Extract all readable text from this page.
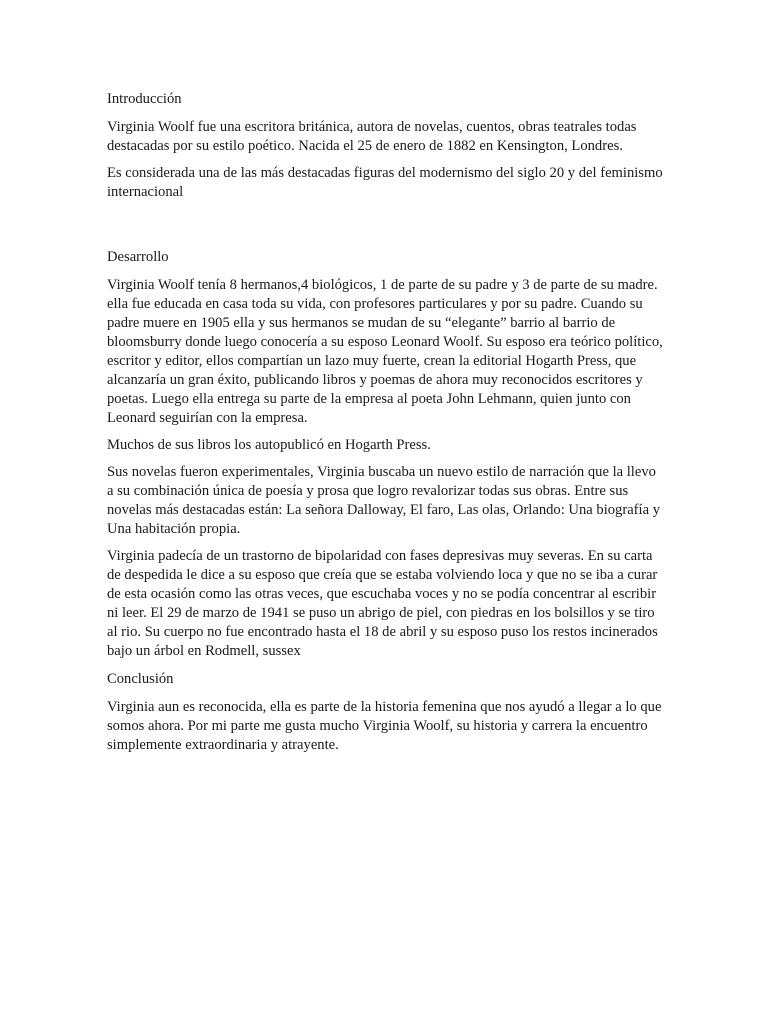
Introducción

Virginia Woolf fue una escritora británica, autora de novelas, cuentos, obras teatrales todas destacadas por su estilo poético. Nacida el 25 de enero de 1882 en Kensington, Londres.

Es considerada una de las más destacadas figuras del modernismo del siglo 20 y del feminismo internacional

Desarrollo

Virginia Woolf tenía 8 hermanos,4 biológicos, 1 de parte de su padre y 3 de parte de su madre. ella fue educada en casa toda su vida, con profesores particulares y por su padre. Cuando su padre muere en 1905 ella y sus hermanos se mudan de su “elegante” barrio al barrio de bloomsburry donde luego conocería a su esposo Leonard Woolf. Su esposo era teórico político, escritor y editor, ellos compartían un lazo muy fuerte, crean la editorial Hogarth Press, que alcanzaría un gran éxito, publicando libros y poemas de ahora muy reconocidos escritores y poetas. Luego ella entrega su parte de la empresa al poeta John Lehmann, quien junto con Leonard seguirían con la empresa.

Muchos de sus libros los autopublicó en Hogarth Press.

Sus novelas fueron experimentales, Virginia buscaba un nuevo estilo de narración que la llevo a su combinación única de poesía y prosa que logro revalorizar todas sus obras. Entre sus novelas más destacadas están: La señora Dalloway, El faro, Las olas, Orlando: Una biografía y Una habitación propia.

Virginia padecía de un trastorno de bipolaridad con fases depresivas muy severas. En su carta de despedida le dice a su esposo que creía que se estaba volviendo loca y que no se iba a curar de esta ocasión como las otras veces, que escuchaba voces y no se podía concentrar al escribir ni leer. El 29 de marzo de 1941 se puso un abrigo de piel, con piedras en los bolsillos y se tiro al rio. Su cuerpo no fue encontrado hasta el 18 de abril y su esposo puso los restos incinerados bajo un árbol en Rodmell, sussex

Conclusión

Virginia aun es reconocida, ella es parte de la historia femenina que nos ayudó a llegar a lo que somos ahora. Por mi parte me gusta mucho Virginia Woolf, su historia y carrera la encuentro simplemente extraordinaria y atrayente.
